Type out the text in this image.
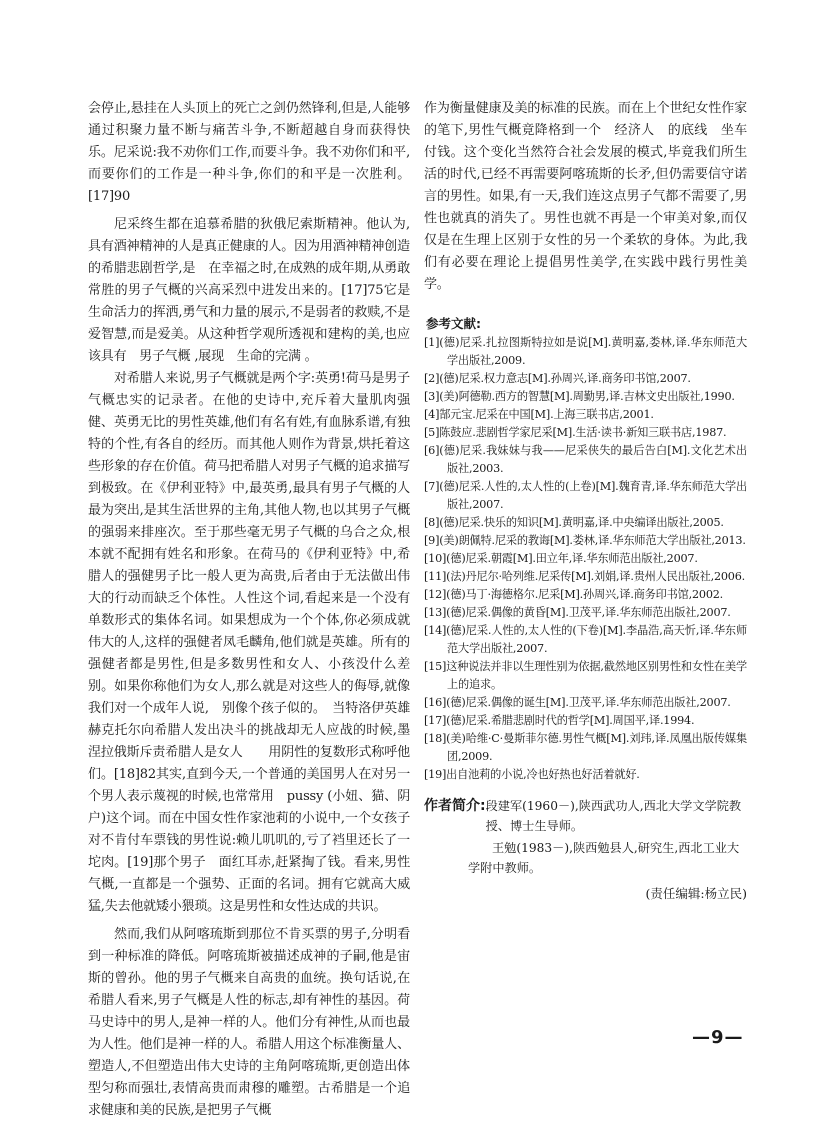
会停止,悬挂在人头顶上的死亡之剑仍然锋利,但是,人能够通过积聚力量不断与痛苦斗争,不断超越自身而获得快乐。尼采说:我不劝你们工作,而要斗争。我不劝你们和平,而要你们的工作是一种斗争,你们的和平是一次胜利。[17]90

尼采终生都在追慕希腊的狄俄尼索斯精神。他认为,具有酒神精神的人是真正健康的人。因为用酒神精神创造的希腊悲剧哲学,是　在幸福之时,在成熟的成年期,从勇敢常胜的男子气概的兴高采烈中进发出来的。[17]75它是生命活力的挥洒,勇气和力量的展示,不是弱者的救赎,不是爱智慧,而是爱美。从这种哲学观所透视和建构的美,也应该具有　男子气概 ,展现　生命的完满 。

对希腊人来说,男子气概就是两个字:英勇!荷马是男子气概忠实的记录者。在他的史诗中,充斥着大量肌肉强健、英勇无比的男性英雄,他们有名有姓,有血脉系谱,有独特的个性,有各自的经历。而其他人则作为背景,烘托着这些形象的存在价值。荷马把希腊人对男子气概的追求描写到极致。在《伊利亚特》中,最英勇,最具有男子气概的人最为突出,是其生活世界的主角,其他人物,也以其男子气概的强弱来排座次。至于那些毫无男子气概的乌合之众,根本就不配拥有姓名和形象。在荷马的《伊利亚特》中,希腊人的强健男子比一般人更为高贵,后者由于无法做出伟大的行动而缺乏个体性。人性这个词,看起来是一个没有单数形式的集体名词。如果想成为一个个体,你必须成就伟大的人,这样的强健者凤毛麟角,他们就是英雄。所有的强健者都是男性,但是多数男性和女人、小孩没什么差别。如果你称他们为女人,那么就是对这些人的侮辱,就像我们对一个成年人说,　别像个孩子似的。　当特洛伊英雄赫克托尔向希腊人发出决斗的挑战却无人应战的时候,墨涅拉俄斯斥责希腊人是女人　　用阴性的复数形式称呼他们。[18]82其实,直到今天,一个普通的美国男人在对另一个男人表示蔑视的时候,也常常用　pussy (小妞、猫、阴户)这个词。而在中国女性作家池莉的小说中,一个女孩子对不肯付车票钱的男性说:赖儿叽叽的,亏了裆里还长了一坨肉。[19]那个男子　面红耳赤,赶紧掏了钱。看来,男性气概,一直都是一个强势、正面的名词。拥有它就高大威猛,失去他就矮小猥琐。这是男性和女性达成的共识。

然而,我们从阿喀琉斯到那位不肯买票的男子,分明看到一种标准的降低。阿喀琉斯被描述成神的子嗣,他是宙斯的曾孙。他的男子气概来自高贵的血统。换句话说,在希腊人看来,男子气概是人性的标志,却有神性的基因。荷马史诗中的男人,是神一样的人。他们分有神性,从而也最为人性。他们是神一样的人。希腊人用这个标准衡量人、塑造人,不但塑造出伟大史诗的主角阿喀琉斯,更创造出体型匀称而强壮,表情高贵而肃穆的雕塑。古希腊是一个追求健康和美的民族,是把男子气概

作为衡量健康及美的标准的民族。而在上个世纪女性作家的笔下,男性气概竟降格到一个　经济人　的底线　坐车付钱。这个变化当然符合社会发展的模式,毕竟我们所生活的时代,已经不再需要阿喀琉斯的长矛,但仍需要信守诺言的男性。如果,有一天,我们连这点男子气都不需要了,男性也就真的消失了。男性也就不再是一个审美对象,而仅仅是在生理上区别于女性的另一个柔软的身体。为此,我们有必要在理论上提倡男性美学,在实践中践行男性美学。

参考文献:

[1](德)尼采.扎拉图斯特拉如是说[M].黄明嘉,娄林,译.华东师范大学出版社,2009.

[2](德)尼采.权力意志[M].孙周兴,译.商务印书馆,2007.

[3](美)阿德勒.西方的智慧[M].周勤男,译.吉林文史出版社,1990.

[4]郜元宝.尼采在中国[M].上海三联书店,2001.

[5]陈鼓应.悲剧哲学家尼采[M].生活·读书·新知三联书店,1987.

[6](德)尼采.我妹妹与我——尼采侠失的最后告白[M].文化艺术出版社,2003.

[7](德)尼采.人性的,太人性的(上卷)[M].魏育青,译.华东师范大学出版社,2007.

[8](德)尼采.快乐的知识[M].黄明嘉,译.中央编译出版社,2005.

[9](美)朗佩特.尼采的教诲[M].娄林,译.华东师范大学出版社,2013.

[10](德)尼采.朝霞[M].田立年,译.华东师范出版社,2007.

[11](法)丹尼尔·哈列维.尼采传[M].刘娟,译.贵州人民出版社,2006.

[12](德)马丁·海德格尔.尼采[M].孙周兴,译.商务印书馆,2002.

[13](德)尼采.偶像的黄昏[M].卫茂平,译.华东师范出版社,2007.

[14](德)尼采.人性的,太人性的(下卷)[M].李晶浩,高天忻,译.华东师范大学出版社,2007.

[15]这种说法并非以生理性别为依据,截然地区别男性和女性在美学上的追求。

[16](德)尼采.偶像的诞生[M].卫茂平,译.华东师范出版社,2007.

[17](德)尼采.希腊悲剧时代的哲学[M].周国平,译.1994.

[18](美)哈维·C·曼斯菲尔德.男性气概[M].刘玮,译.凤凰出版传媒集团,2009.

[19]出自池莉的小说,冷也好热也好活着就好.

作者简介: 段建军(1960－),陕西武功人,西北大学文学院教授、博士生导师。
王勉(1983－),陕西勉县人,研究生,西北工业大学附中教师。
(责任编辑:杨立民)
—9—
